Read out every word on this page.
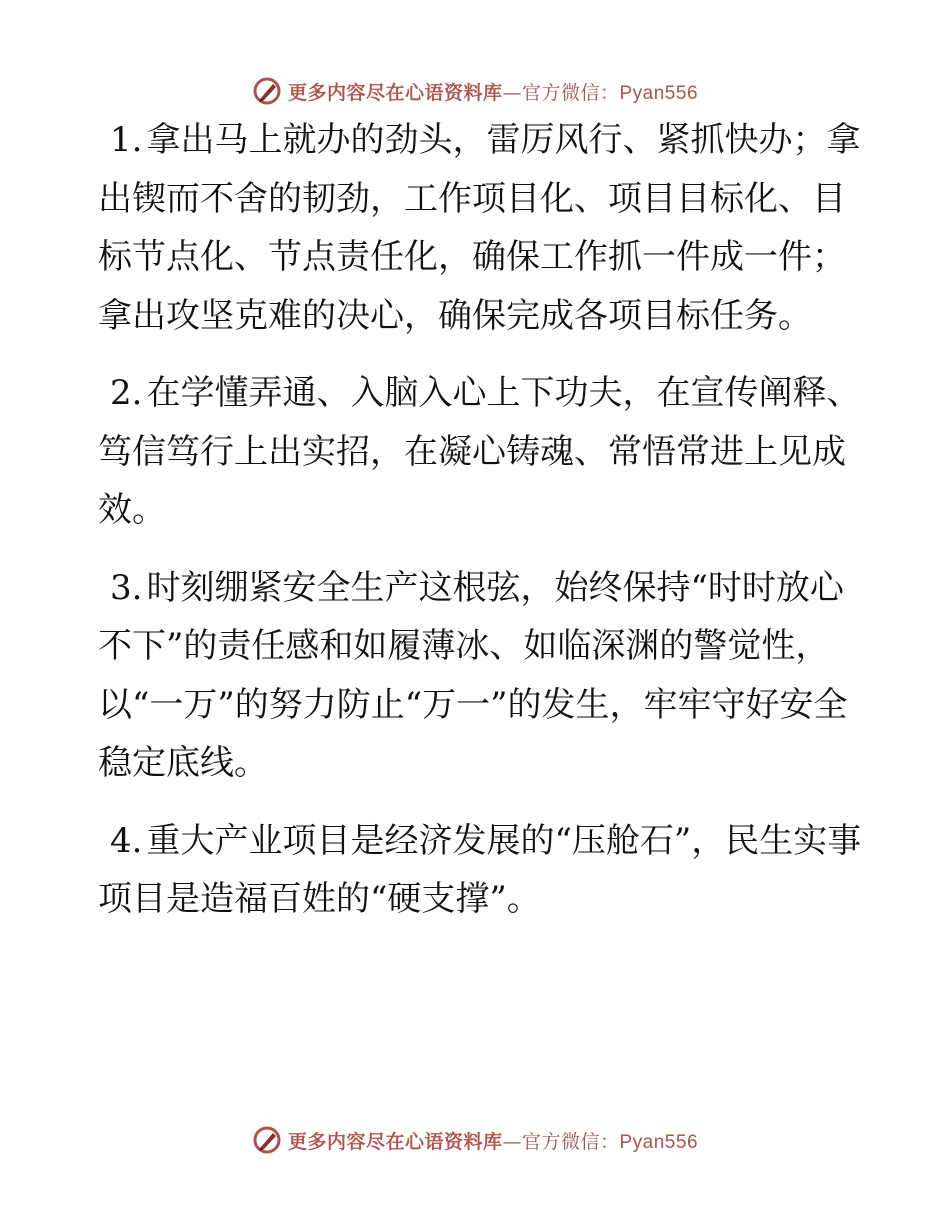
更多内容尽在心语资料库—官方微信：Pyan556

1. 拿出马上就办的劲头，雷厉风行、紧抓快办；拿出锲而不舍的韧劲，工作项目化、项目目标化、目标节点化、节点责任化，确保工作抓一件成一件；拿出攻坚克难的决心，确保完成各项目标任务。

2. 在学懂弄通、入脑入心上下功夫，在宣传阐释、笃信笃行上出实招，在凝心铸魂、常悟常进上见成效。

3. 时刻绷紧安全生产这根弦，始终保持“时时放心不下”的责任感和如履薄冰、如临深渊的警觉性，以“一万”的努力防止“万一”的发生，牢牢守好安全稳定底线。

4. 重大产业项目是经济发展的“压舱石”，民生实事项目是造福百姓的“硬支撑”。

更多内容尽在心语资料库—官方微信：Pyan556
